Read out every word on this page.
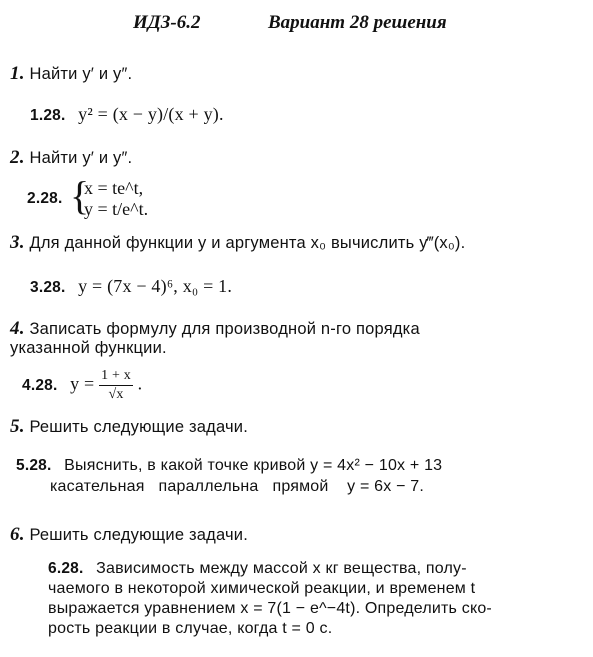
ИДЗ-6.2	Вариант 28 решения
1. Найти y′ и y″.
1.28. y² = (x − y)/(x + y).
2. Найти y′ и y″.
2.28. {
x = te^t,
y = t/e^t.
3. Для данной функции y и аргумента x₀ вычислить y‴(x₀).
3.28. y = (7x − 4)⁶, x₀ = 1.
4. Записать формулу для производной n-го порядка
указанной функции.
4.28. $y = \frac{1 + x}{√x}$ .
5. Решить следующие задачи.
5.28. Выяснить, в какой точке кривой y = 4x² − 10x + 13
касательная   параллельна   прямой    y = 6x − 7.
6. Решить следующие задачи.
6.28. Зависимость между массой x кг вещества, полу-
чаемого в некоторой химической реакции, и временем t
выражается уравнением x = 7(1 − e^−4t). Определить ско-
рость реакции в случае, когда t = 0 с.
